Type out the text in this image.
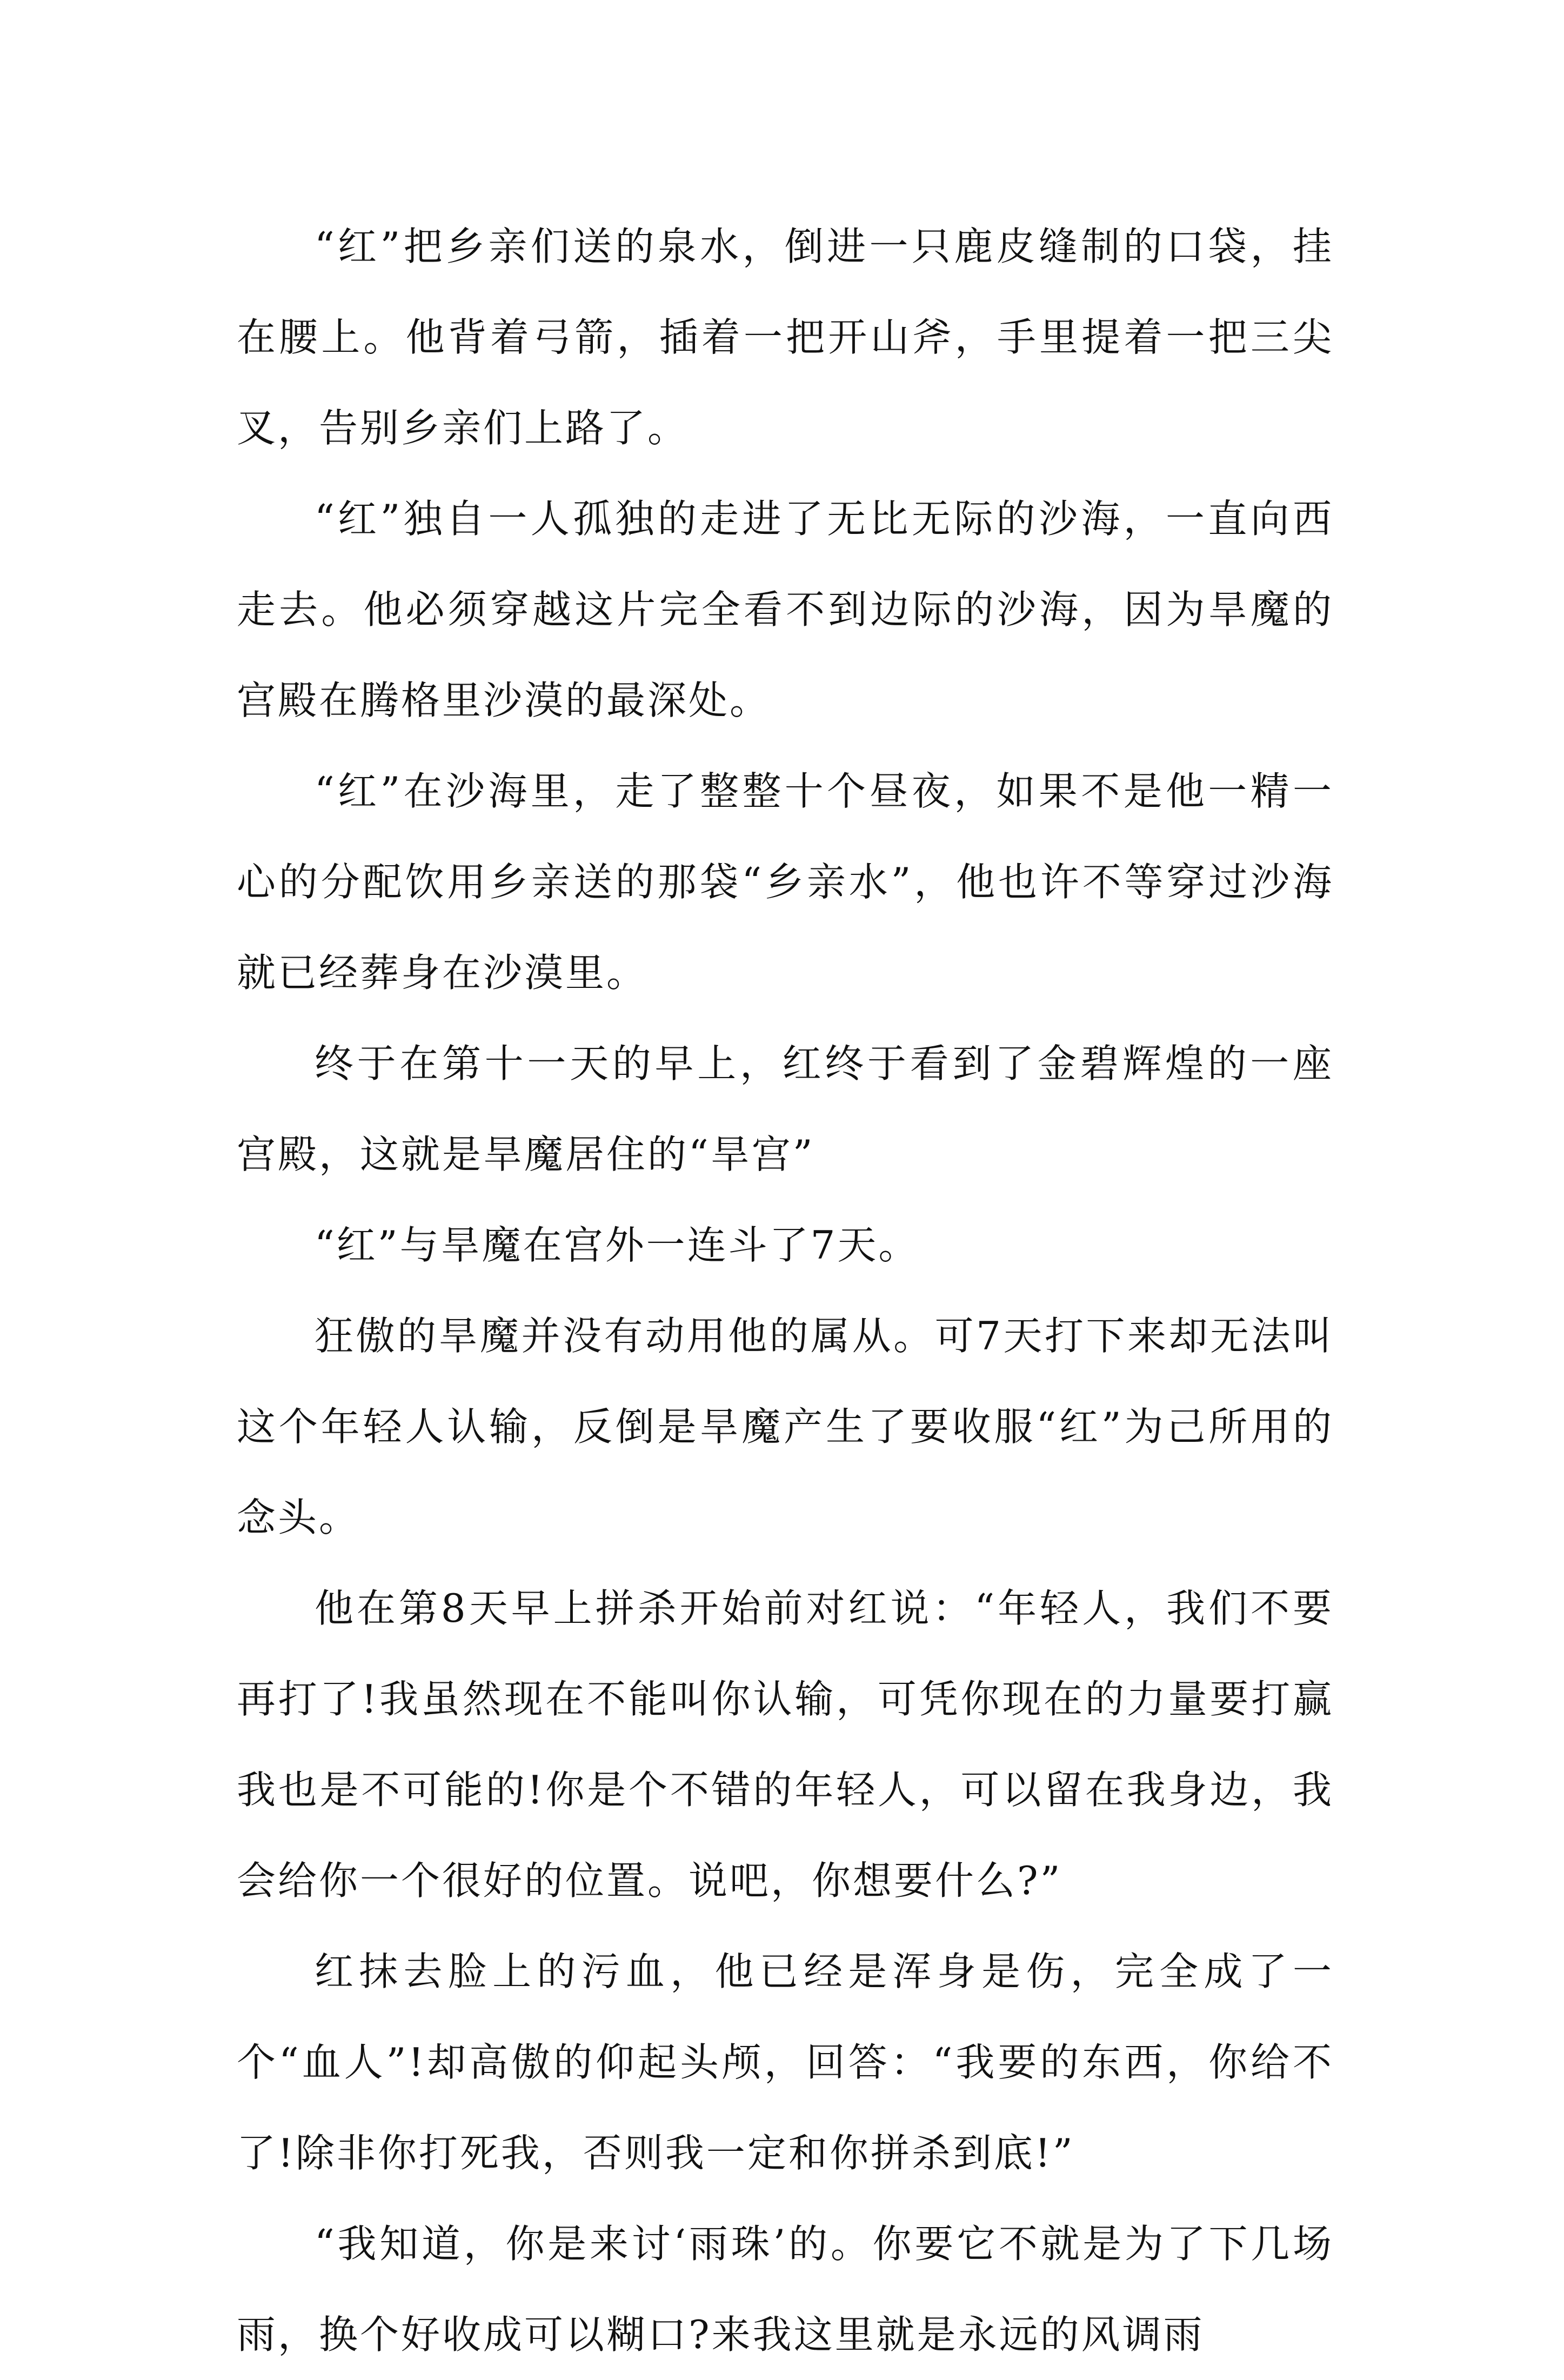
“红”把乡亲们送的泉水，倒进一只鹿皮缝制的口袋，挂在腰上。他背着弓箭，插着一把开山斧，手里提着一把三尖叉，告别乡亲们上路了。

“红”独自一人孤独的走进了无比无际的沙海，一直向西走去。他必须穿越这片完全看不到边际的沙海，因为旱魔的宫殿在腾格里沙漠的最深处。

“红”在沙海里，走了整整十个昼夜，如果不是他一精一心的分配饮用乡亲送的那袋“乡亲水”，他也许不等穿过沙海就已经葬身在沙漠里。

终于在第十一天的早上，红终于看到了金碧辉煌的一座宫殿，这就是旱魔居住的“旱宫”

“红”与旱魔在宫外一连斗了7天。

狂傲的旱魔并没有动用他的属从。可7天打下来却无法叫这个年轻人认输，反倒是旱魔产生了要收服“红”为己所用的念头。

他在第8天早上拼杀开始前对红说：“年轻人，我们不要再打了!我虽然现在不能叫你认输，可凭你现在的力量要打赢我也是不可能的!你是个不错的年轻人，可以留在我身边，我会给你一个很好的位置。说吧，你想要什么?”

红抹去脸上的污血，他已经是浑身是伤，完全成了一个“血人”!却高傲的仰起头颅，回答：“我要的东西，你给不了!除非你打死我，否则我一定和你拼杀到底!”

“我知道，你是来讨‘雨珠’的。你要它不就是为了下几场雨，换个好收成可以糊口?来我这里就是永远的风调雨
